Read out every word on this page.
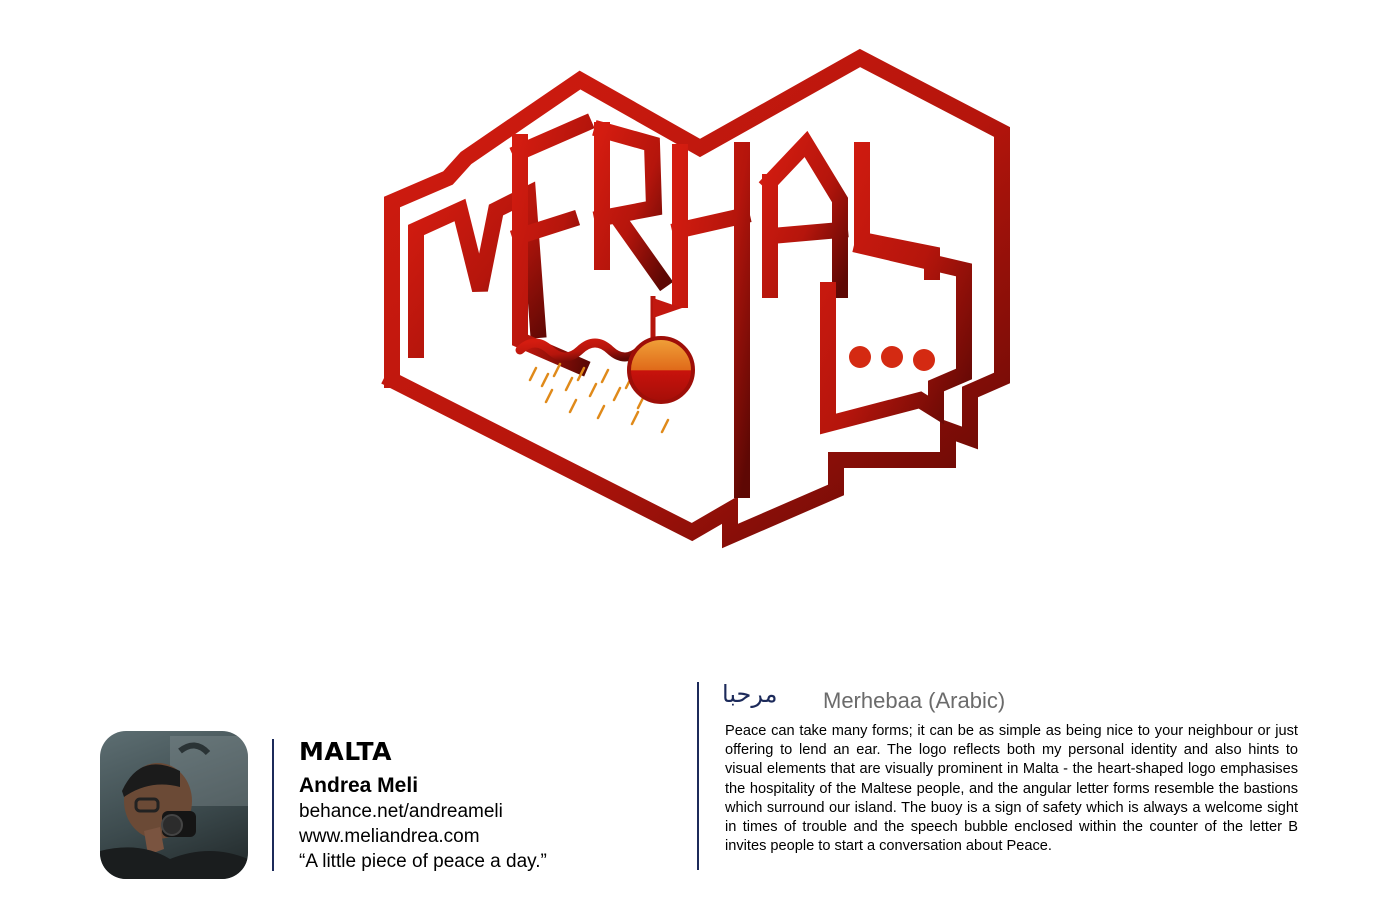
MALTA
Andrea Meli
behance.net/andreameli
www.meliandrea.com
“A little piece of peace a day.”
مرحبا Merhebaa (Arabic)

Peace can take many forms; it can be as simple as being nice to your neighbour or just offering to lend an ear. The logo reflects both my personal identity and also hints to visual elements that are visually prominent in Malta - the heart-shaped logo emphasises the hospitality of the Maltese people, and the angular letter forms resemble the bastions which surround our island. The buoy is a sign of safety which is always a welcome sight in times of trouble and the speech bubble enclosed within the counter of the letter B invites people to start a conversation about Peace.
